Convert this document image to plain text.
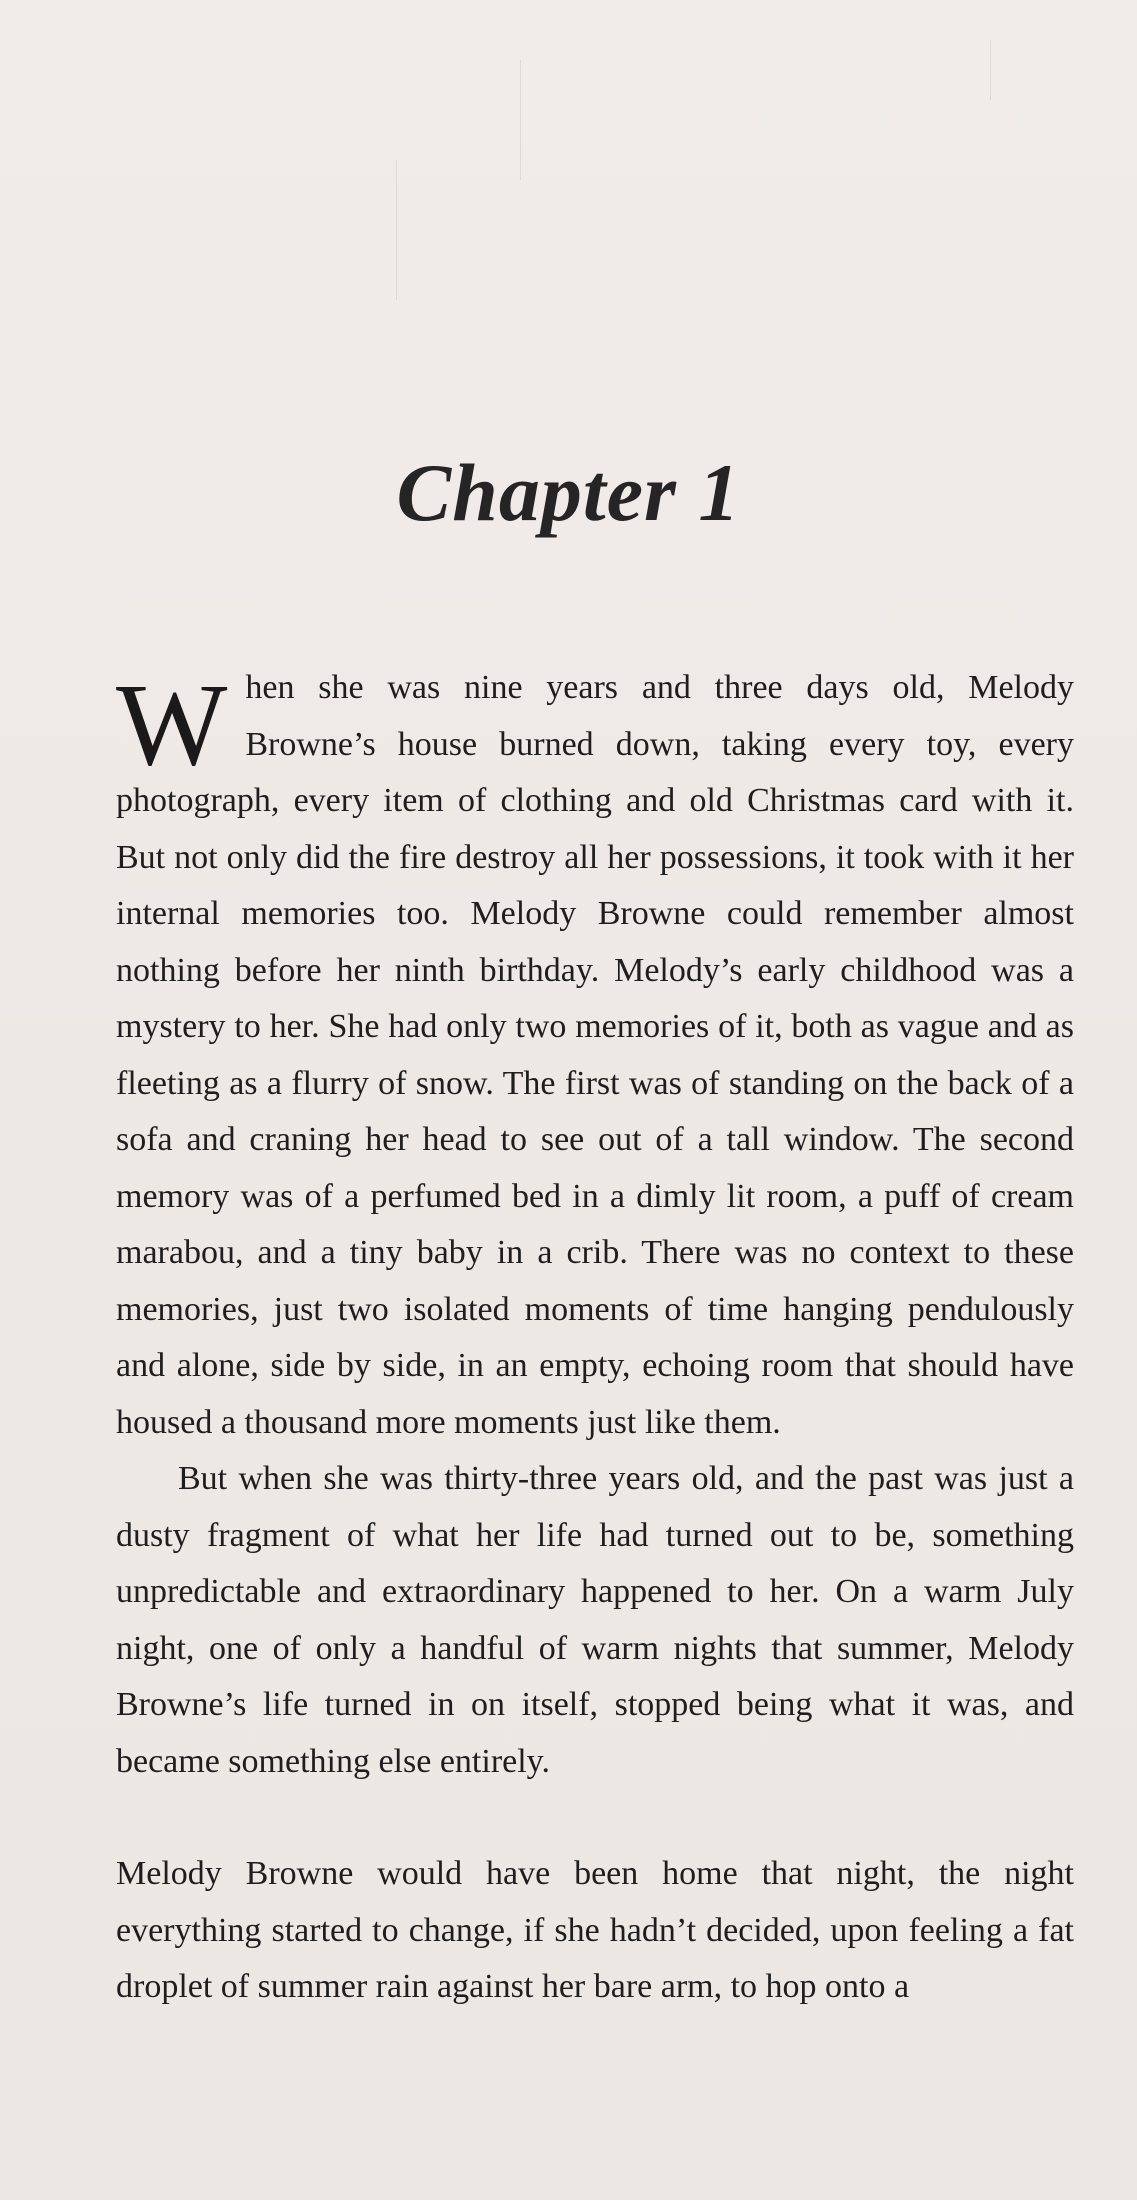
Chapter 1

When she was nine years and three days old, Melody Browne’s house burned down, taking every toy, every photograph, every item of clothing and old Christmas card with it. But not only did the fire destroy all her possessions, it took with it her internal memories too. Melody Browne could remember almost nothing before her ninth birthday. Melody’s early childhood was a mystery to her. She had only two memories of it, both as vague and as fleeting as a flurry of snow. The first was of standing on the back of a sofa and craning her head to see out of a tall window. The second memory was of a perfumed bed in a dimly lit room, a puff of cream marabou, and a tiny baby in a crib. There was no context to these memories, just two isolated moments of time hanging pendulously and alone, side by side, in an empty, echoing room that should have housed a thousand more moments just like them.

But when she was thirty-three years old, and the past was just a dusty fragment of what her life had turned out to be, something unpredictable and extraordinary happened to her. On a warm July night, one of only a handful of warm nights that summer, Melody Browne’s life turned in on itself, stopped being what it was, and became something else entirely.

Melody Browne would have been home that night, the night everything started to change, if she hadn’t decided, upon feeling a fat droplet of summer rain against her bare arm, to hop onto a
